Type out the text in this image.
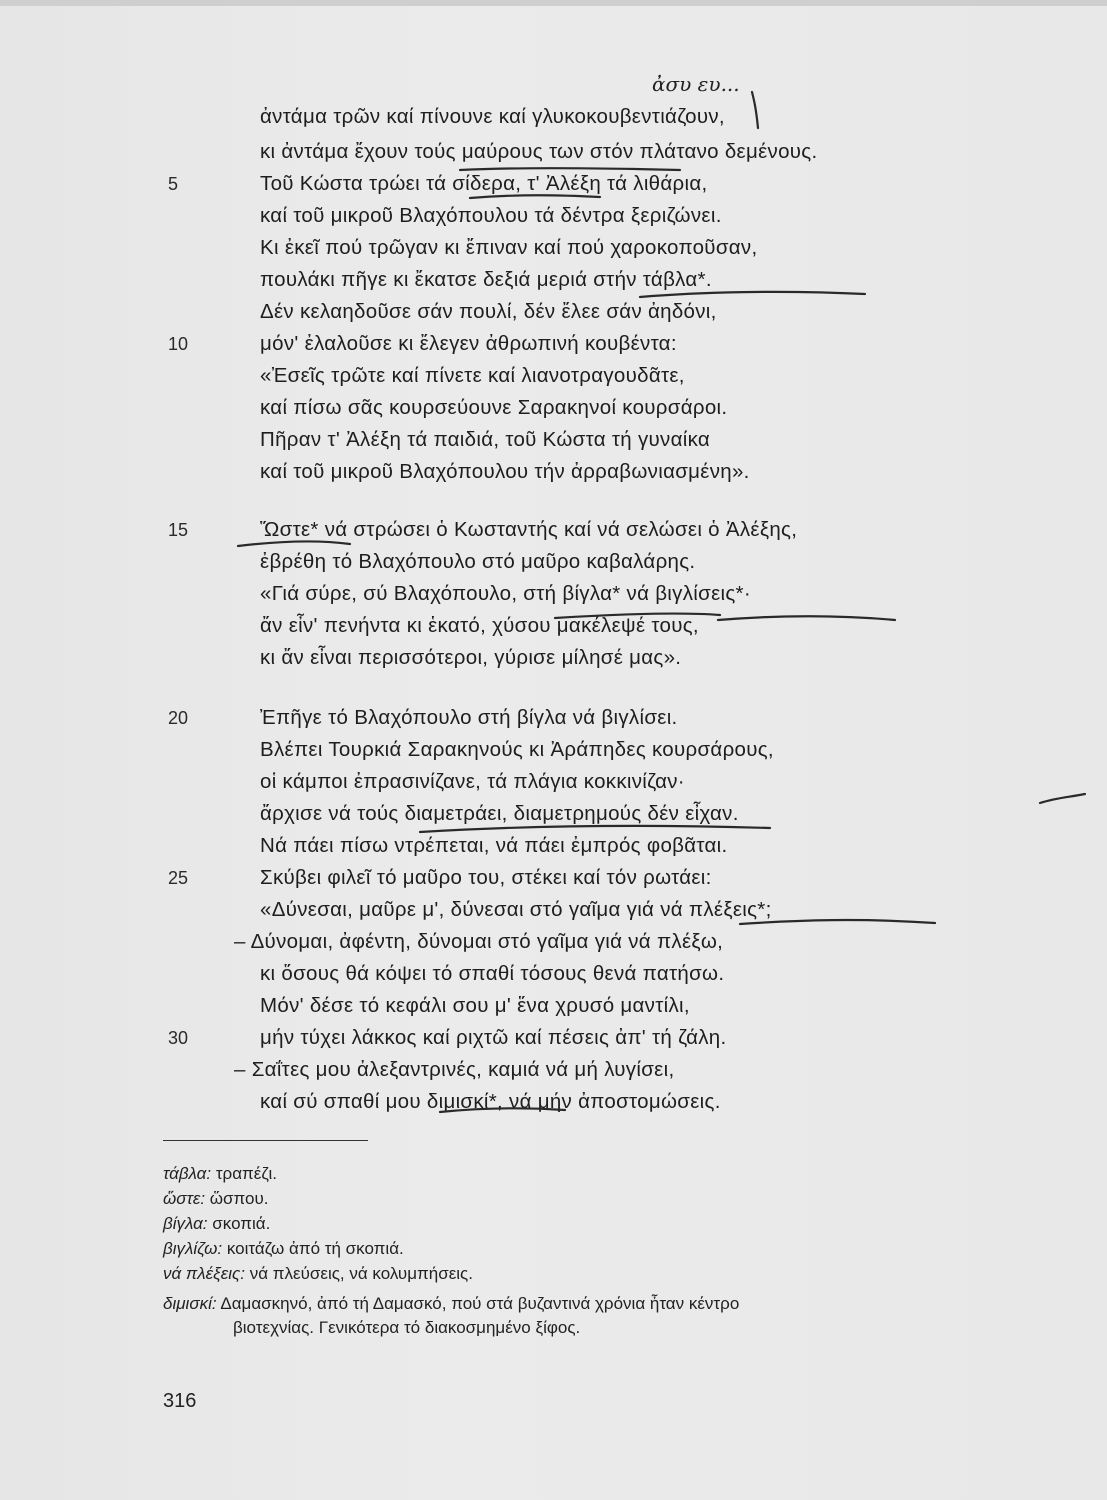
ἀσυ ευ...
ἀντάμα τρῶν καί πίνουνε καί γλυκοκουβεντιάζουν,
κι ἀντάμα ἔχουν τούς μαύρους των στόν πλάτανο δεμένους.
5	Τοῦ Κώστα τρώει τά σίδερα, τ' Ἀλέξη τά λιθάρια,
καί τοῦ μικροῦ Βλαχόπουλου τά δέντρα ξεριζώνει.
Κι ἐκεῖ πού τρῶγαν κι ἔπιναν καί πού χαροκοποῦσαν,
πουλάκι πῆγε κι ἔκατσε δεξιά μεριά στήν τάβλα*.
Δέν κελαηδοῦσε σάν πουλί, δέν ἔλεε σάν ἀηδόνι,
10	μόν' ἐλαλοῦσε κι ἔλεγεν ἀθρωπινή κουβέντα:
«Ἐσεῖς τρῶτε καί πίνετε καί λιανοτραγουδᾶτε,
καί πίσω σᾶς κουρσεύουνε Σαρακηνοί κουρσάροι.
Πῆραν τ' Ἀλέξη τά παιδιά, τοῦ Κώστα τή γυναίκα
καί τοῦ μικροῦ Βλαχόπουλου τήν ἀρραβωνιασμένη».
15	Ὥστε* νά στρώσει ὁ Κωσταντής καί νά σελώσει ὁ Ἀλέξης,
ἐβρέθη τό Βλαχόπουλο στό μαῦρο καβαλάρης.
«Γιά σύρε, σύ Βλαχόπουλο, στή βίγλα* νά βιγλίσεις*·
ἄν εἶν' πενήντα κι ἑκατό, χύσου μακέλεψέ τους,
κι ἄν εἶναι περισσότεροι, γύρισε μίλησέ μας».
20	Ἐπῆγε τό Βλαχόπουλο στή βίγλα νά βιγλίσει.
Βλέπει Τουρκιά Σαρακηνούς κι Ἀράπηδες κουρσάρους,
οἱ κάμποι ἐπρασινίζανε, τά πλάγια κοκκινίζαν·
ἄρχισε νά τούς διαμετράει, διαμετρημούς δέν εἶχαν.
Νά πάει πίσω ντρέπεται, νά πάει ἐμπρός φοβᾶται.
25	Σκύβει φιλεῖ τό μαῦρο του, στέκει καί τόν ρωτάει:
«Δύνεσαι, μαῦρε μ', δύνεσαι στό γαῖμα γιά νά πλέξεις*;
– Δύνομαι, ἀφέντη, δύνομαι στό γαῖμα γιά νά πλέξω,
κι ὅσους θά κόψει τό σπαθί τόσους θενά πατήσω.
Μόν' δέσε τό κεφάλι σου μ' ἕνα χρυσό μαντίλι,
30	μήν τύχει λάκκος καί ριχτῶ καί πέσεις ἀπ' τή ζάλη.
– Σαΐτες μου ἀλεξαντρινές, καμιά νά μή λυγίσει,
καί σύ σπαθί μου διμισκί*, νά μήν ἀποστομώσεις.
τάβλα: τραπέζι.
ὥστε: ὥσπου.
βίγλα: σκοπιά.
βιγλίζω: κοιτάζω ἀπό τή σκοπιά.
νά πλέξεις: νά πλεύσεις, νά κολυμπήσεις.
διμισκί: Δαμασκηνό, ἀπό τή Δαμασκό, πού στά βυζαντινά χρόνια ἦταν κέντρο
βιοτεχνίας. Γενικότερα τό διακοσμημένο ξίφος.
316
